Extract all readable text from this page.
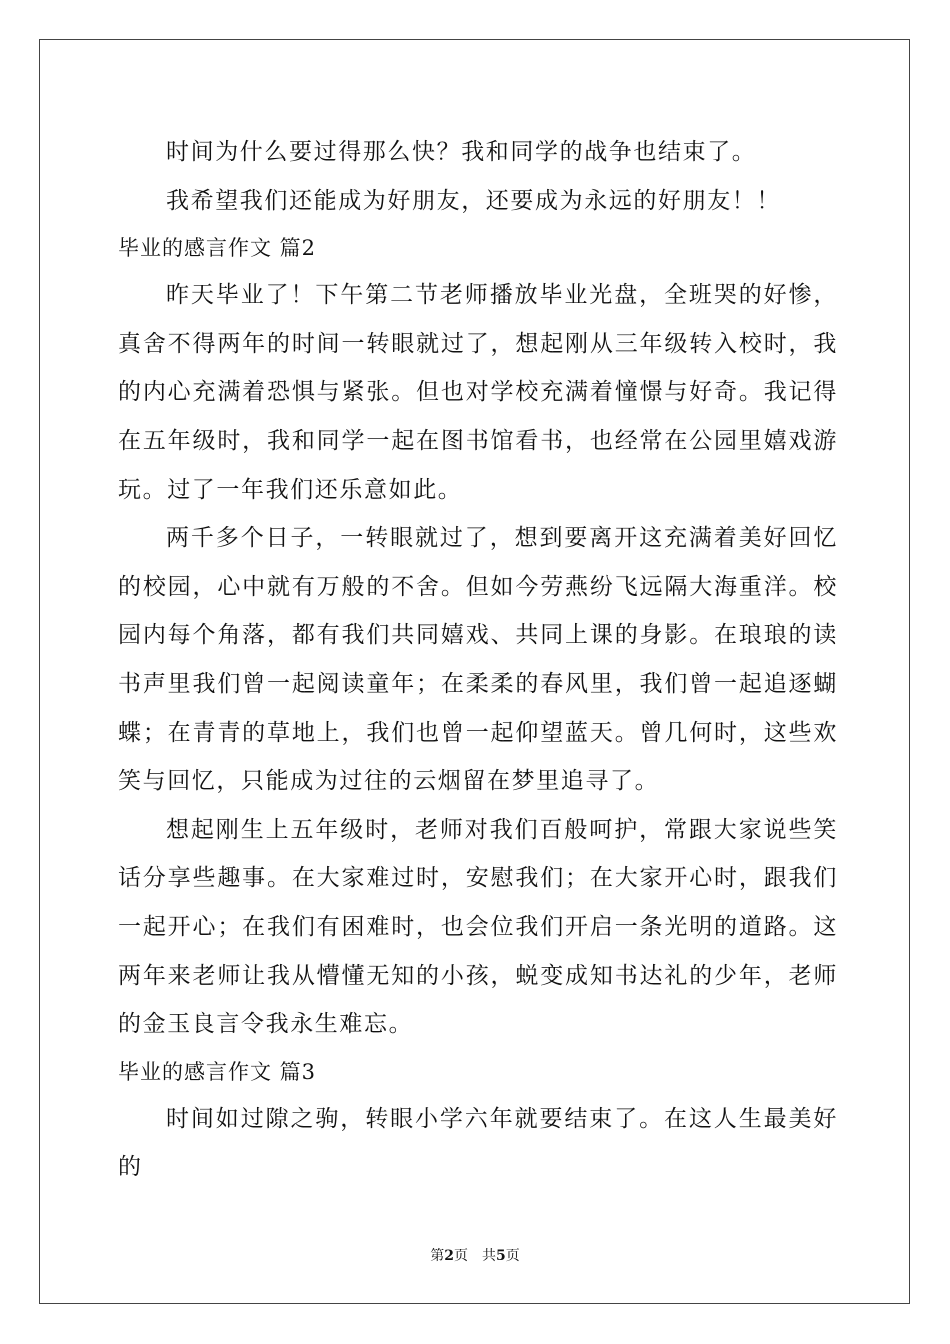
时间为什么要过得那么快？我和同学的战争也结束了。

我希望我们还能成为好朋友，还要成为永远的好朋友！！

毕业的感言作文 篇2

昨天毕业了！下午第二节老师播放毕业光盘，全班哭的好惨，真舍不得两年的时间一转眼就过了，想起刚从三年级转入校时，我的内心充满着恐惧与紧张。但也对学校充满着憧憬与好奇。我记得在五年级时，我和同学一起在图书馆看书，也经常在公园里嬉戏游玩。过了一年我们还乐意如此。

两千多个日子，一转眼就过了，想到要离开这充满着美好回忆的校园，心中就有万般的不舍。但如今劳燕纷飞远隔大海重洋。校园内每个角落，都有我们共同嬉戏、共同上课的身影。在琅琅的读书声里我们曾一起阅读童年；在柔柔的春风里，我们曾一起追逐蝴蝶；在青青的草地上，我们也曾一起仰望蓝天。曾几何时，这些欢笑与回忆，只能成为过往的云烟留在梦里追寻了。

想起刚生上五年级时，老师对我们百般呵护，常跟大家说些笑话分享些趣事。在大家难过时，安慰我们；在大家开心时，跟我们一起开心；在我们有困难时，也会位我们开启一条光明的道路。这两年来老师让我从懵懂无知的小孩，蜕变成知书达礼的少年，老师的金玉良言令我永生难忘。

毕业的感言作文 篇3

时间如过隙之驹，转眼小学六年就要结束了。在这人生最美好的

第2页　共5页
